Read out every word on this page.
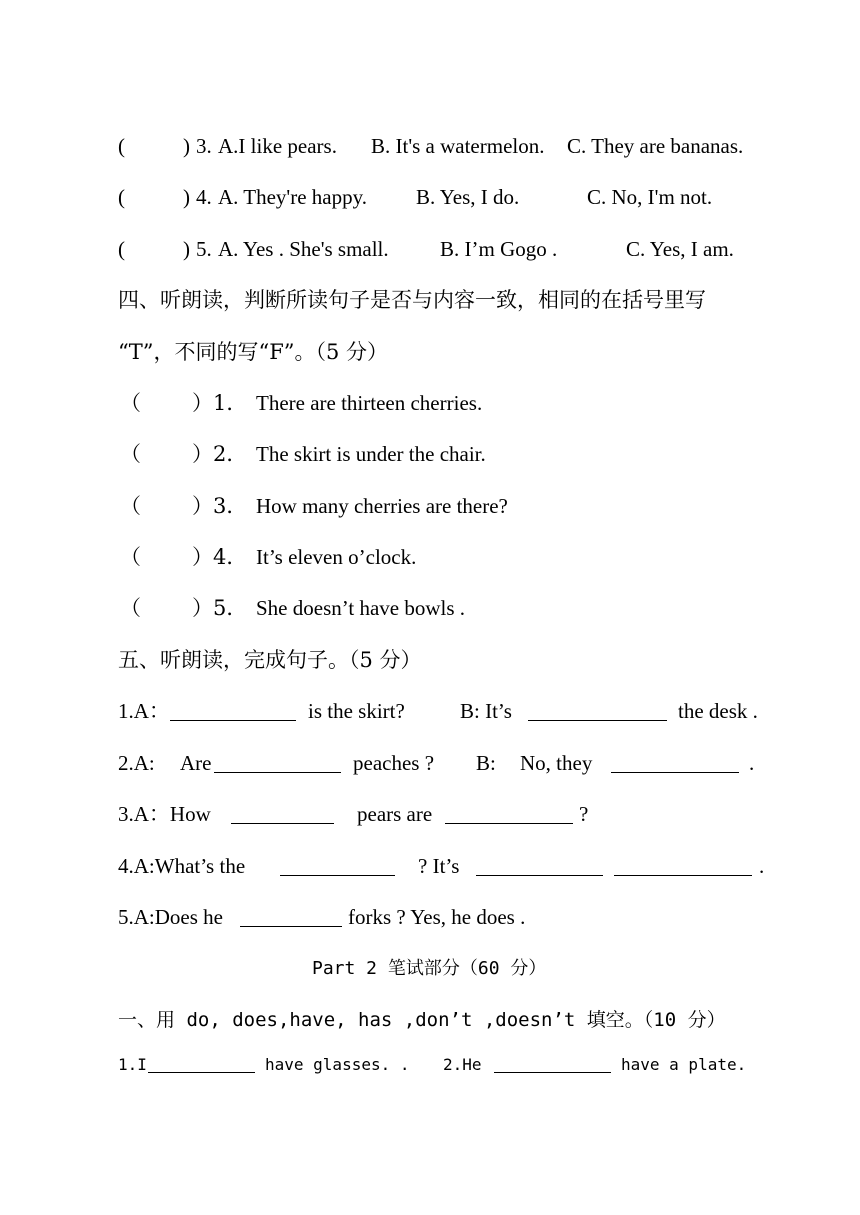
(	) 3. A.I like pears. B. It's a watermelon. C. They are bananas.
(	) 4. A. They're happy. B. Yes, I do.	C. No, I'm not.
(	) 5. A. Yes . She's small. B. I’m Gogo .	C. Yes, I am.
四、听朗读，判断所读句子是否与内容一致，相同的在括号里写
“T”，不同的写“F”。（5 分）
（ ）1． There are thirteen cherries.
（ ）2． The skirt is under the chair.
（ ）3． How many cherries are there?
（ ）4． It’s eleven o’clock.
（ ）5． She doesn’t have bowls .
五、听朗读，完成句子。（5 分）
1.A：	is the skirt?	B: It’s	the desk .
2.A: Are	peaches ? B: No, they	.
3.A：How	pears are	?
4.A:What’s the	? It’s	.
5.A:Does he	forks ? Yes, he does .
Part 2 笔试部分（60 分）
一、用 do, does,have, has ,don’t ,doesn’t 填空。（10 分）
1.I	have glasses. . 2.He	have a plate.
